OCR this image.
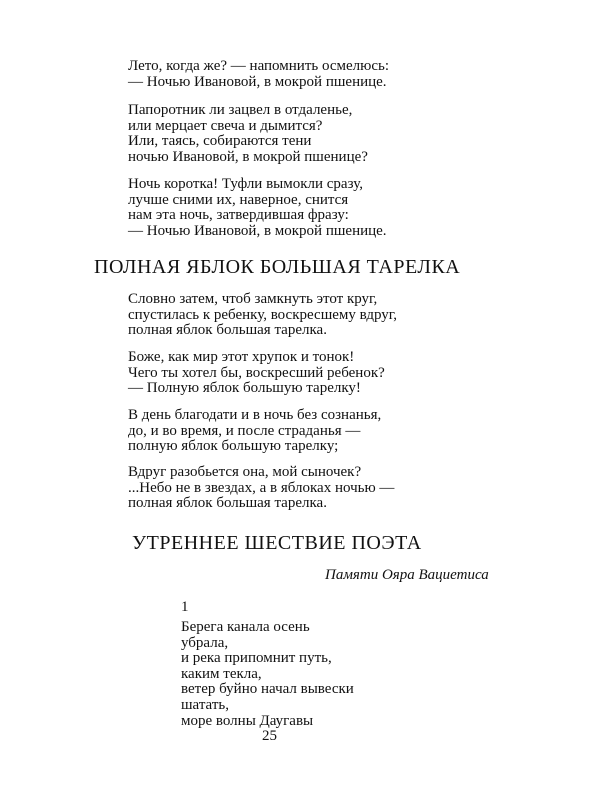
Лето, когда же? — напомнить осмелюсь:
— Ночью Ивановой, в мокрой пшенице.
Папоротник ли зацвел в отдаленье,
или мерцает свеча и дымится?
Или, таясь, собираются тени
ночью Ивановой, в мокрой пшенице?
Ночь коротка! Туфли вымокли сразу,
лучше сними их, наверное, снится
нам эта ночь, затвердившая фразу:
— Ночью Ивановой, в мокрой пшенице.
ПОЛНАЯ ЯБЛОК БОЛЬШАЯ ТАРЕЛКА
Словно затем, чтоб замкнуть этот круг,
спустилась к ребенку, воскресшему вдруг,
полная яблок большая тарелка.
Боже, как мир этот хрупок и тонок!
Чего ты хотел бы, воскресший ребенок?
— Полную яблок большую тарелку!
В день благодати и в ночь без сознанья,
до, и во время, и после страданья —
полную яблок большую тарелку;
Вдруг разобьется она, мой сыночек?
...Небо не в звездах, а в яблоках ночью —
полная яблок большая тарелка.
УТРЕННЕЕ ШЕСТВИЕ ПОЭТА

Памяти Ояра Вациетиса

1

Берега канала осень
убрала,
и река припомнит путь,
каким текла,
ветер буйно начал вывески
шатать,
море волны Даугавы

25
